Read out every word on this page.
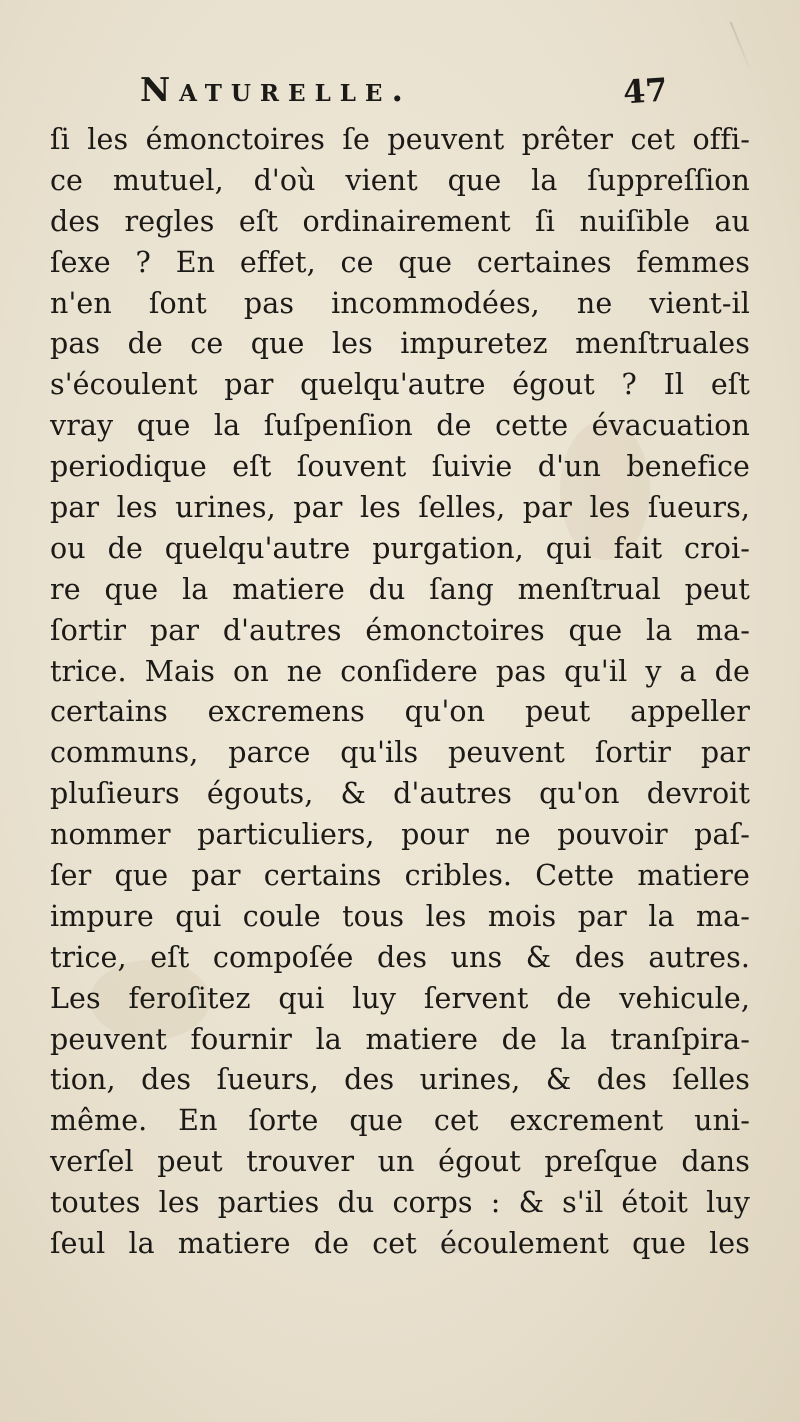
Naturelle.	47
ſi les émonctoires ſe peuvent prêter cet offi-
ce mutuel, d'où vient que la ſuppreſſion
des regles eſt ordinairement ſi nuiſible au
ſexe ? En effet, ce que certaines femmes
n'en ſont pas incommodées, ne vient-il
pas de ce que les impuretez menſtruales
s'écoulent par quelqu'autre égout ? Il eſt
vray que la ſuſpenſion de cette évacuation
periodique eſt ſouvent ſuivie d'un benefice
par les urines, par les ſelles, par les ſueurs,
ou de quelqu'autre purgation, qui fait croi-
re que la matiere du ſang menſtrual peut
ſortir par d'autres émonctoires que la ma-
trice. Mais on ne conſidere pas qu'il y a de
certains excremens qu'on peut appeller
communs, parce qu'ils peuvent ſortir par
pluſieurs égouts, & d'autres qu'on devroit
nommer particuliers, pour ne pouvoir paſ-
ſer que par certains cribles. Cette matiere
impure qui coule tous les mois par la ma-
trice, eſt compoſée des uns & des autres.
Les feroſitez qui luy ſervent de vehicule,
peuvent fournir la matiere de la tranſpira-
tion, des ſueurs, des urines, & des ſelles
même. En ſorte que cet excrement uni-
verſel peut trouver un égout preſque dans
toutes les parties du corps : & s'il étoit luy
ſeul la matiere de cet écoulement que les
